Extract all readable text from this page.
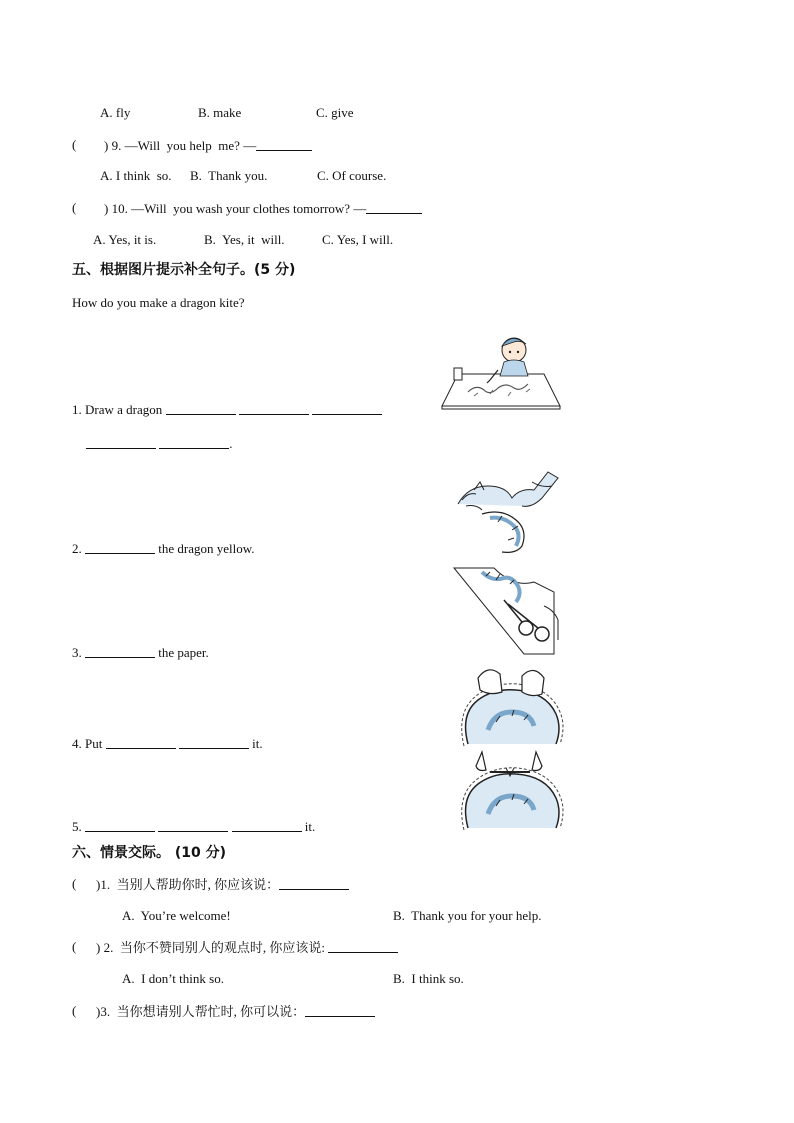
A. fly	B. make	C. give
( ) 9. —Will  you help  me? —
A. I think  so. B.  Thank you.	C. Of course.
( ) 10. —Will  you wash your clothes tomorrow? —
A. Yes, it is.	B.  Yes, it  will.	C. Yes, I will.
五、根据图片提示补全句子。(5 分)
How do you make a dragon kite?
1. Draw a dragon
.
2.	the dragon yellow.
3.	the paper.
4. Put	it.
5.	it.
六、情景交际。 (10 分)
( )1.  当别人帮助你时, 你应该说：
A.  You’re welcome!	B.  Thank you for your help.
( ) 2.  当你不赞同别人的观点时, 你应该说:
A.  I don’t think so.	B.  I think so.
( )3.  当你想请别人帮忙时, 你可以说：
